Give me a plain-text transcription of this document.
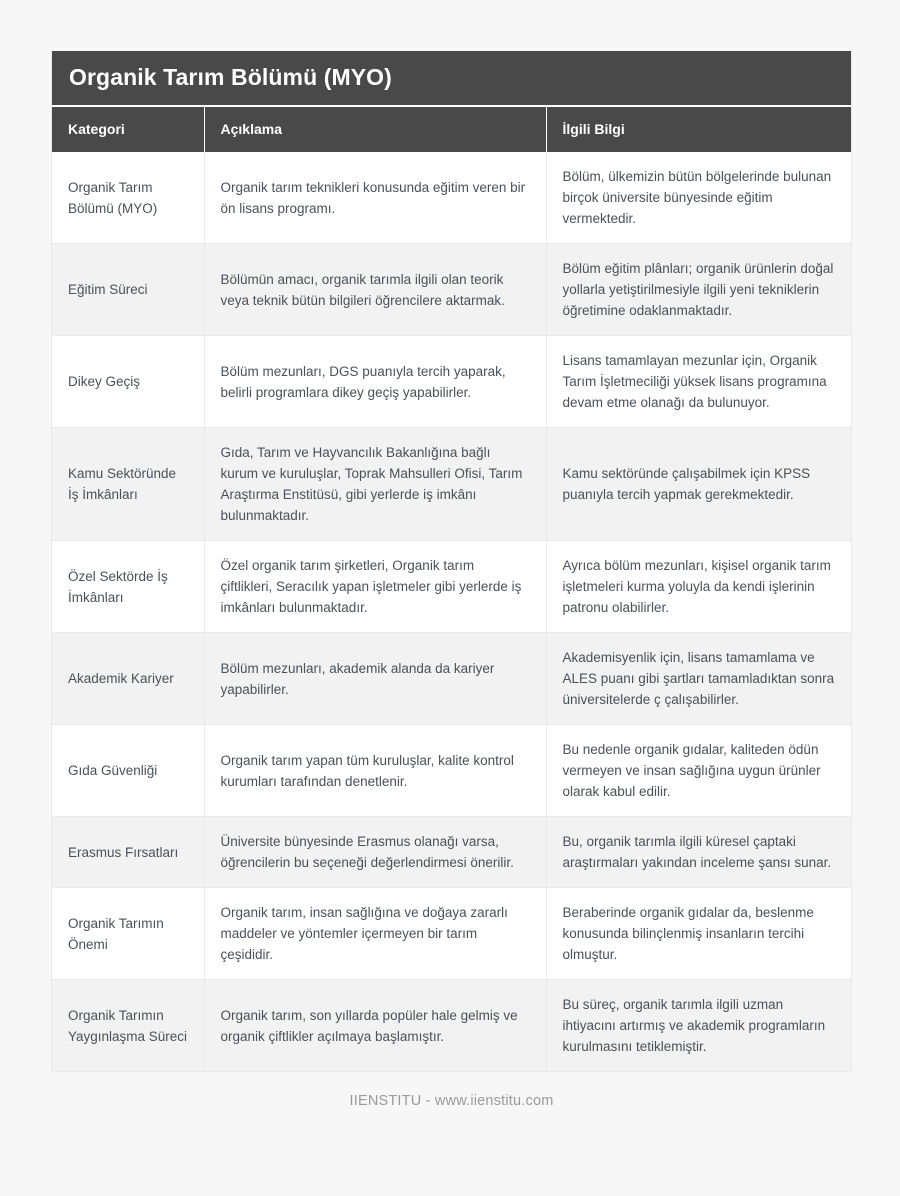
Organik Tarım Bölümü (MYO)
Kategori	Açıklama	İlgili Bilgi
Organik Tarım Bölümü (MYO)	Organik tarım teknikleri konusunda eğitim veren bir ön lisans programı.	Bölüm, ülkemizin bütün bölgelerinde bulunan birçok üniversite bünyesinde eğitim vermektedir.
Eğitim Süreci	Bölümün amacı, organik tarımla ilgili olan teorik veya teknik bütün bilgileri öğrencilere aktarmak.	Bölüm eğitim plânları; organik ürünlerin doğal yollarla yetiştirilmesiyle ilgili yeni tekniklerin öğretimine odaklanmaktadır.
Dikey Geçiş	Bölüm mezunları, DGS puanıyla tercih yaparak, belirli programlara dikey geçiş yapabilirler.	Lisans tamamlayan mezunlar için, Organik Tarım İşletmeciliği yüksek lisans programına devam etme olanağı da bulunuyor.
Kamu Sektöründe İş İmkânları	Gıda, Tarım ve Hayvancılık Bakanlığına bağlı kurum ve kuruluşlar, Toprak Mahsulleri Ofisi, Tarım Araştırma Enstitüsü, gibi yerlerde iş imkânı bulunmaktadır.	Kamu sektöründe çalışabilmek için KPSS puanıyla tercih yapmak gerekmektedir.
Özel Sektörde İş İmkânları	Özel organik tarım şirketleri, Organik tarım çiftlikleri, Seracılık yapan işletmeler gibi yerlerde iş imkânları bulunmaktadır.	Ayrıca bölüm mezunları, kişisel organik tarım işletmeleri kurma yoluyla da kendi işlerinin patronu olabilirler.
Akademik Kariyer	Bölüm mezunları, akademik alanda da kariyer yapabilirler.	Akademisyenlik için, lisans tamamlama ve ALES puanı gibi şartları tamamladıktan sonra üniversitelerde ç çalışabilirler.
Gıda Güvenliği	Organik tarım yapan tüm kuruluşlar, kalite kontrol kurumları tarafından denetlenir.	Bu nedenle organik gıdalar, kaliteden ödün vermeyen ve insan sağlığına uygun ürünler olarak kabul edilir.
Erasmus Fırsatları	Üniversite bünyesinde Erasmus olanağı varsa, öğrencilerin bu seçeneği değerlendirmesi önerilir.	Bu, organik tarımla ilgili küresel çaptaki araştırmaları yakından inceleme şansı sunar.
Organik Tarımın Önemi	Organik tarım, insan sağlığına ve doğaya zararlı maddeler ve yöntemler içermeyen bir tarım çeşididir.	Beraberinde organik gıdalar da, beslenme konusunda bilinçlenmiş insanların tercihi olmuştur.
Organik Tarımın Yaygınlaşma Süreci	Organik tarım, son yıllarda popüler hale gelmiş ve organik çiftlikler açılmaya başlamıştır.	Bu süreç, organik tarımla ilgili uzman ihtiyacını artırmış ve akademik programların kurulmasını tetiklemiştir.
IIENSTITU - www.iienstitu.com
